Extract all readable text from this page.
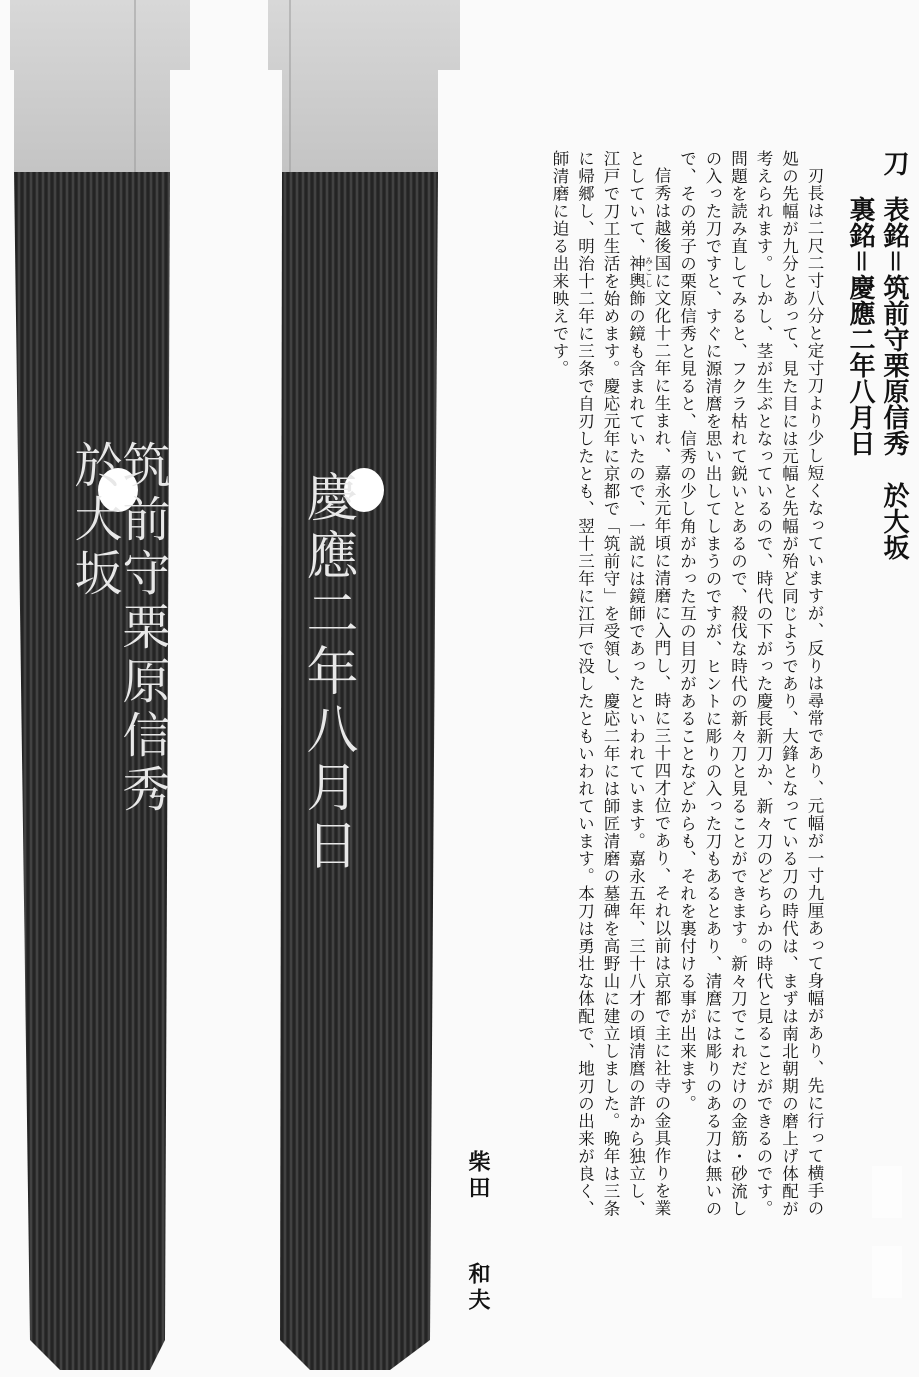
慶應二年八月日
筑前守栗原信秀
於大坂
刀
表銘＝筑前守栗原信秀　於大坂
裏銘＝慶應二年八月日

刃長は二尺二寸八分と定寸刀より少し短くなっていますが、反りは尋常であり、元幅が一寸九厘あって身幅があり、先に行って横手の処の先幅が九分とあって、見た目には元幅と先幅が殆ど同じようであり、大鋒となっている刀の時代は、まずは南北朝期の磨上げ体配が考えられます。しかし、茎が生ぶとなっているので、時代の下がった慶長新刀か、新々刀のどちらかの時代と見ることができるのです。問題を読み直してみると、フクラ枯れて鋭いとあるので、殺伐な時代の新々刀と見ることができます。新々刀でこれだけの金筋・砂流しの入った刀ですと、すぐに源清麿を思い出してしまうのですが、ヒントに彫りの入った刀もあるとあり、清麿には彫りのある刀は無いので、その弟子の栗原信秀と見ると、信秀の少し角がかった互の目刃があることなどからも、それを裏付ける事が出来ます。

信秀は越後国に文化十二年に生まれ、嘉永元年頃に清磨に入門し、時に三十四才位であり、それ以前は京都で主に社寺の金具作りを業としていて、神輿 みこし飾の鏡も含まれていたので、一説には鏡師であったといわれています。嘉永五年、三十八才の頃清麿の許から独立し、江戸で刀工生活を始めます。慶応元年に京都で「筑前守」を受領し、慶応二年には師匠清磨の墓碑を高野山に建立しました。晩年は三条に帰郷し、明治十二年に三条で自刃したとも、翌十三年に江戸で没したともいわれています。本刀は勇壮な体配で、地刃の出来が良く、師清磨に迫る出来映えです。

柴田和夫
